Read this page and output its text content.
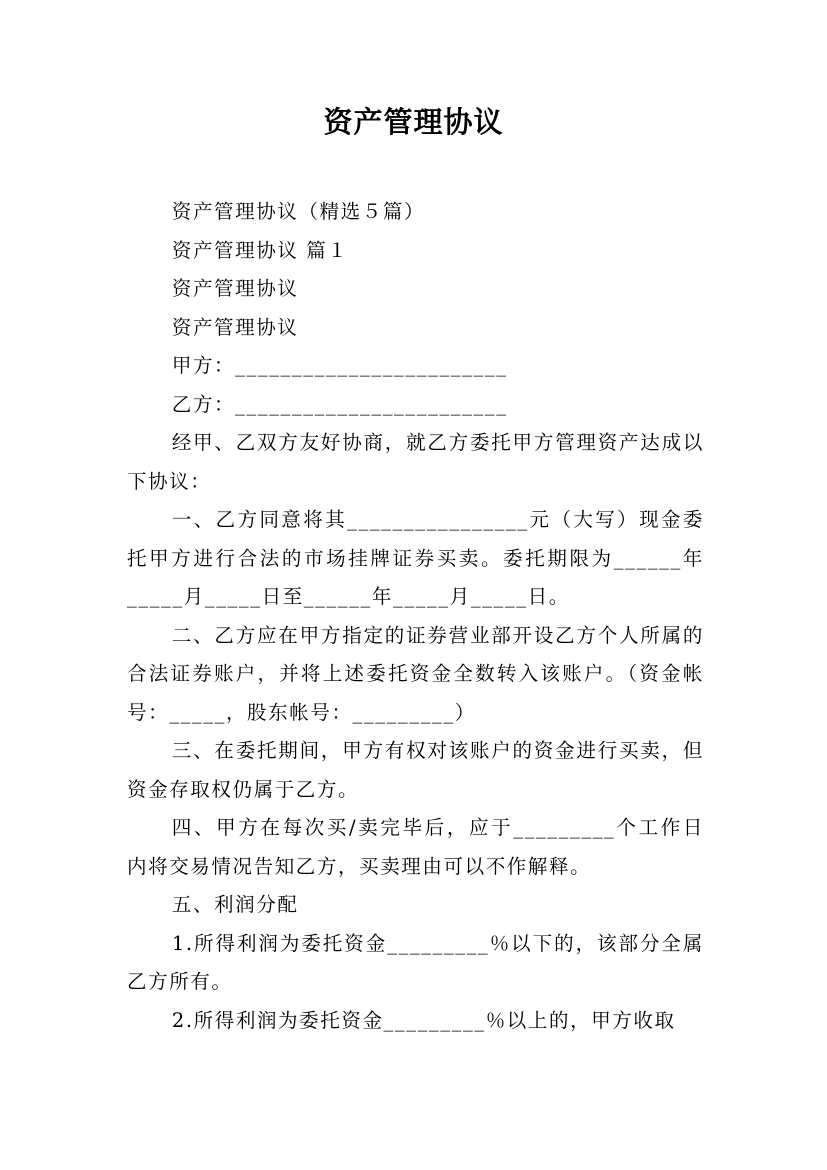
资产管理协议

资产管理协议（精选５篇）

资产管理协议 篇１

资产管理协议

资产管理协议

甲方：________________________

乙方：________________________

经甲、乙双方友好协商，就乙方委托甲方管理资产达成以下协议：

一、乙方同意将其________________元（大写）现金委托甲方进行合法的市场挂牌证券买卖。委托期限为______年_____月_____日至______年_____月_____日。

二、乙方应在甲方指定的证券营业部开设乙方个人所属的合法证券账户，并将上述委托资金全数转入该账户。（资金帐号：_____，股东帐号：_________）

三、在委托期间，甲方有权对该账户的资金进行买卖，但资金存取权仍属于乙方。

四、甲方在每次买/卖完毕后，应于_________个工作日内将交易情况告知乙方，买卖理由可以不作解释。

五、利润分配

1.所得利润为委托资金_________％以下的，该部分全属乙方所有。

2.所得利润为委托资金_________％以上的，甲方收取
